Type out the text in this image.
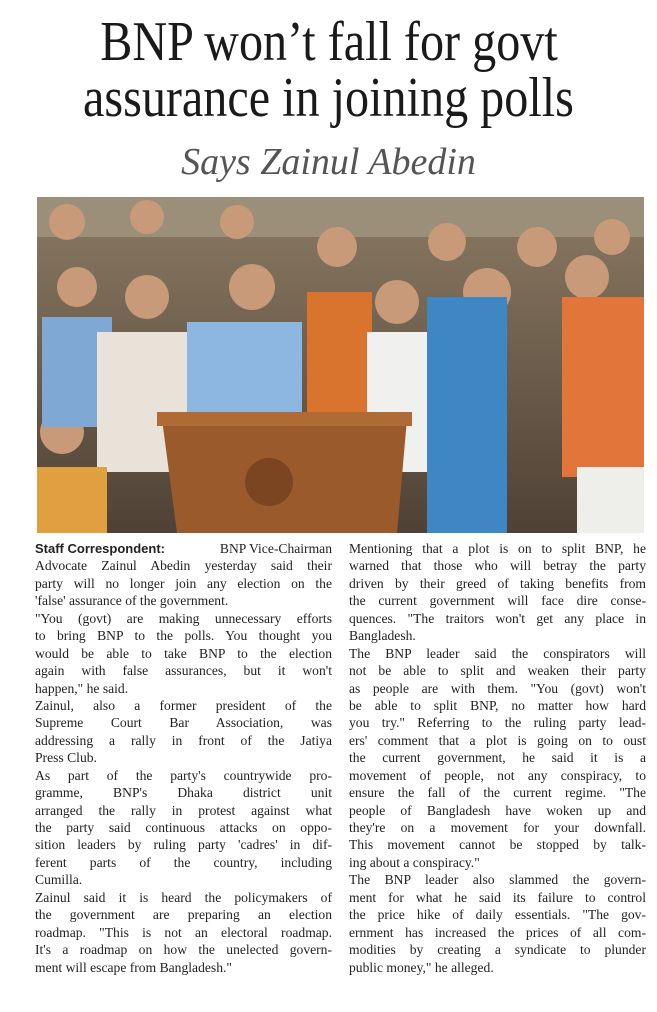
BNP won’t fall for govt
assurance in joining polls
Says Zainul Abedin
Staff Correspondent:	BNP Vice-Chairman
Advocate Zainul Abedin yesterday said their
party will no longer join any election on the
'false' assurance of the government.
"You (govt) are making unnecessary efforts
to bring BNP to the polls. You thought you
would be able to take BNP to the election
again with false assurances, but it won't
happen," he said.
Zainul, also a former president of the
Supreme Court Bar Association, was
addressing a rally in front of the Jatiya
Press Club.
As part of the party's countrywide pro-
gramme, BNP's Dhaka district unit
arranged the rally in protest against what
the party said continuous attacks on oppo-
sition leaders by ruling party 'cadres' in dif-
ferent parts of the country, including
Cumilla.
Zainul said it is heard the policymakers of
the government are preparing an election
roadmap. "This is not an electoral roadmap.
It's a roadmap on how the unelected govern-
ment will escape from Bangladesh."
Mentioning that a plot is on to split BNP, he
warned that those who will betray the party
driven by their greed of taking benefits from
the current government will face dire conse-
quences. "The traitors won't get any place in
Bangladesh.
The BNP leader said the conspirators will
not be able to split and weaken their party
as people are with them. "You (govt) won't
be able to split BNP, no matter how hard
you try." Referring to the ruling party lead-
ers' comment that a plot is going on to oust
the current government, he said it is a
movement of people, not any conspiracy, to
ensure the fall of the current regime. "The
people of Bangladesh have woken up and
they're on a movement for your downfall.
This movement cannot be stopped by talk-
ing about a conspiracy."
The BNP leader also slammed the govern-
ment for what he said its failure to control
the price hike of daily essentials. "The gov-
ernment has increased the prices of all com-
modities by creating a syndicate to plunder
public money," he alleged.
